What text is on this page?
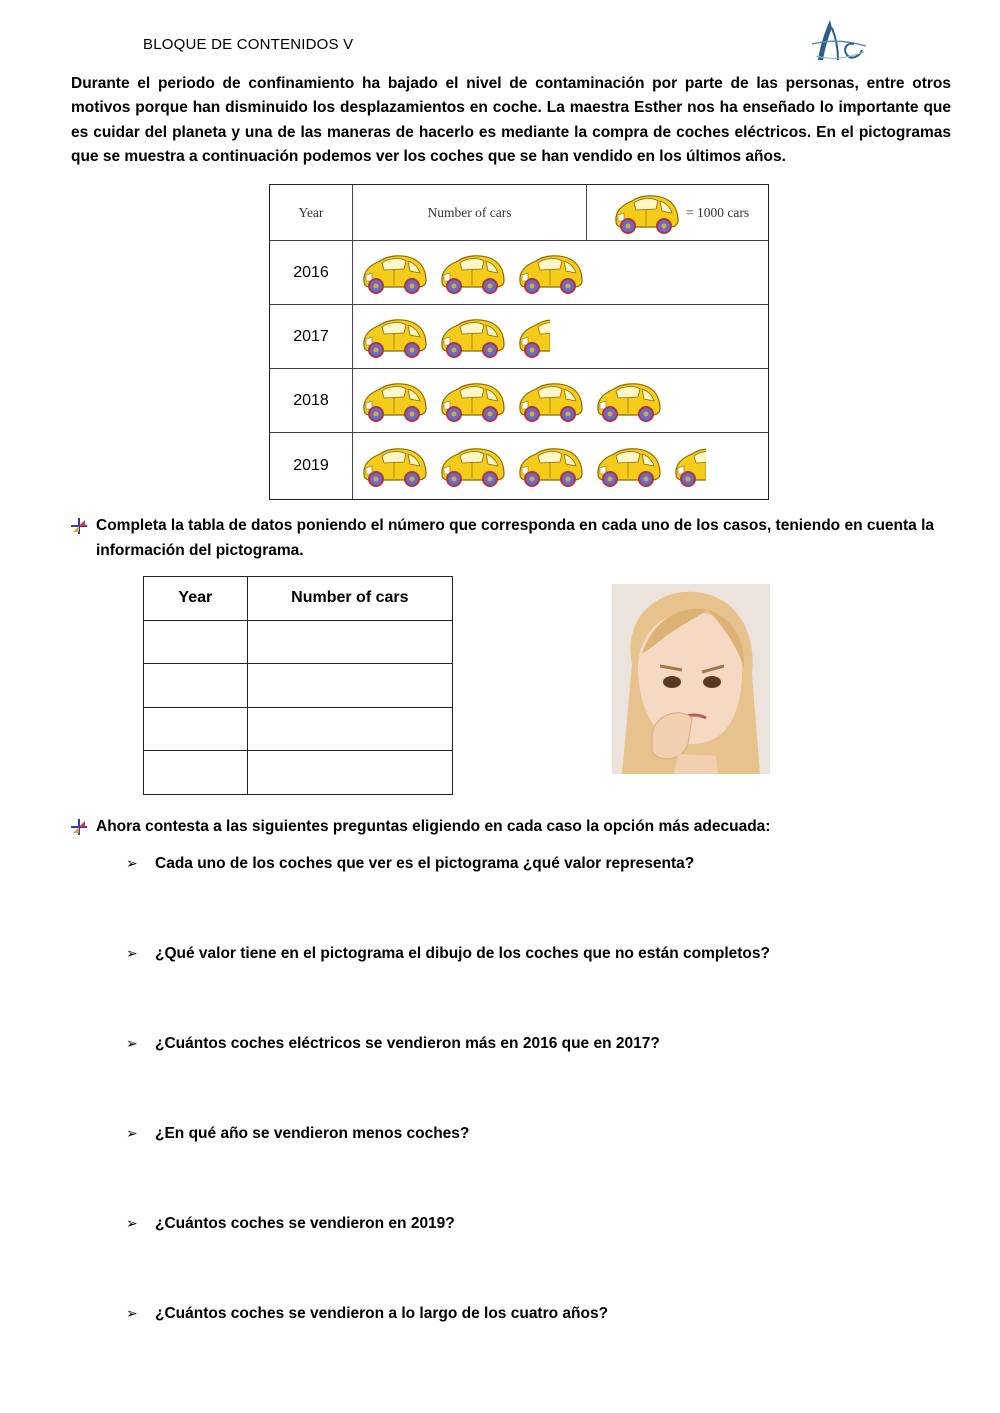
BLOQUE DE CONTENIDOS V

Durante el periodo de confinamiento ha bajado el nivel de contaminación por parte de las personas, entre otros motivos porque han disminuido los desplazamientos en coche. La maestra Esther nos ha enseñado lo importante que es cuidar del planeta y una de las maneras de hacerlo es mediante la compra de coches eléctricos. En el pictogramas que se muestra a continuación podemos ver los coches que se han vendido en los últimos años.

Year	Number of cars	= 1000 cars
2016
2017
2018
2019
Completa la tabla de datos poniendo el número que corresponda en cada uno de los casos, teniendo en cuenta la información del pictograma.
Year	Number of cars

Ahora contesta a las siguientes preguntas eligiendo en cada caso la opción más adecuada:
➢	Cada uno de los coches que ver es el pictograma ¿qué valor representa?
➢	¿Qué valor tiene en el pictograma el dibujo de los coches que no están completos?
➢	¿Cuántos coches eléctricos se vendieron más en 2016 que en 2017?
➢	¿En qué año se vendieron menos coches?
➢	¿Cuántos coches se vendieron en 2019?
➢	¿Cuántos coches se vendieron a lo largo de los cuatro años?
